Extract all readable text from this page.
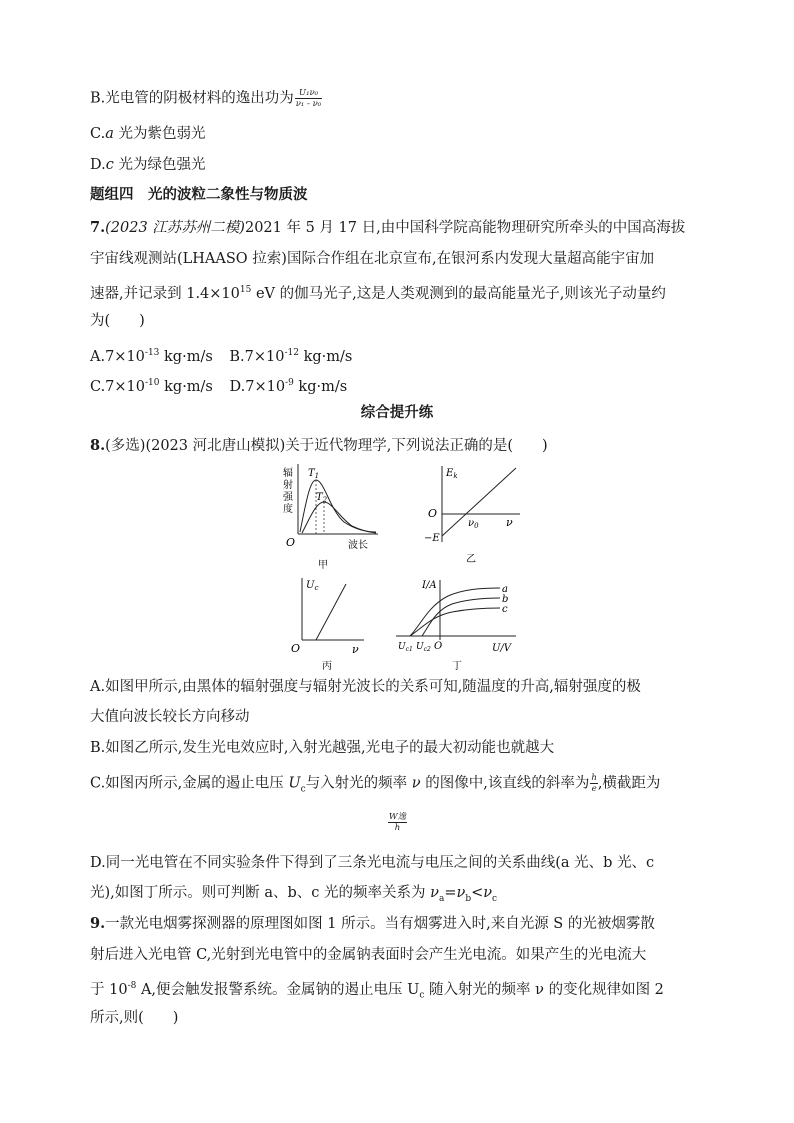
B.光电管的阴极材料的逸出功为 $\frac{\text{U₁ν₀}}{\text{ν₁ - ν₀}}$
C.a 光为紫色弱光
D.c 光为绿色强光
题组四　光的波粒二象性与物质波
7.(2023 江苏苏州二模)2021 年 5 月 17 日,由中国科学院高能物理研究所牵头的中国高海拔
宇宙线观测站(LHAASO 拉索)国际合作组在北京宣布,在银河系内发现大量超高能宇宙加
速器,并记录到 $1.4\times 10^{15}$ eV 的伽马光子,这是人类观测到的最高能量光子,则该光子动量约
为(　　)
$A.7\times 10^{-13}$ kg·m/s $B.7\times 10^{-12}$ kg·m/s
$C.7\times 10^{-10}$ kg·m/s $D.7\times 10^{-9}$ kg·m/s
综合提升练
8.(多选)(2023 河北唐山模拟)关于近代物理学,下列说法正确的是(　　)
辐
射
强
度
$T_1$
$T_2$
O	波长
甲
$E_k$
O
−E
$\nu_0$ ν
乙
$U_c$
O	ν
丙
I/A	a
b
c
$U_{c1}$ $U_{c2}$ O	U/V
丁
A.如图甲所示,由黑体的辐射强度与辐射光波长的关系可知,随温度的升高,辐射强度的极
大值向波长较长方向移动
B.如图乙所示,发生光电效应时,入射光越强,光电子的最大初动能也就越大
C.如图丙所示,金属的遏止电压 $U_c$与入射光的频率 ν 的图像中,该直线的斜率为 $\frac{h}{e}$ ,横截距为
$\frac{\text{W逸}}{h}$
D.同一光电管在不同实验条件下得到了三条光电流与电压之间的关系曲线(a 光、b 光、c
光),如图丁所示。则可判断 a、b、c 光的频率关系为 $\nu_a=\nu_b<\nu_c$
9.一款光电烟雾探测器的原理图如图 1 所示。当有烟雾进入时,来自光源 S 的光被烟雾散
射后进入光电管 C,光射到光电管中的金属钠表面时会产生光电流。如果产生的光电流大
于 $10^{-8}$ A,便会触发报警系统。金属钠的遏止电压 $U_c$ 随入射光的频率 ν 的变化规律如图 2
所示,则(　　)
